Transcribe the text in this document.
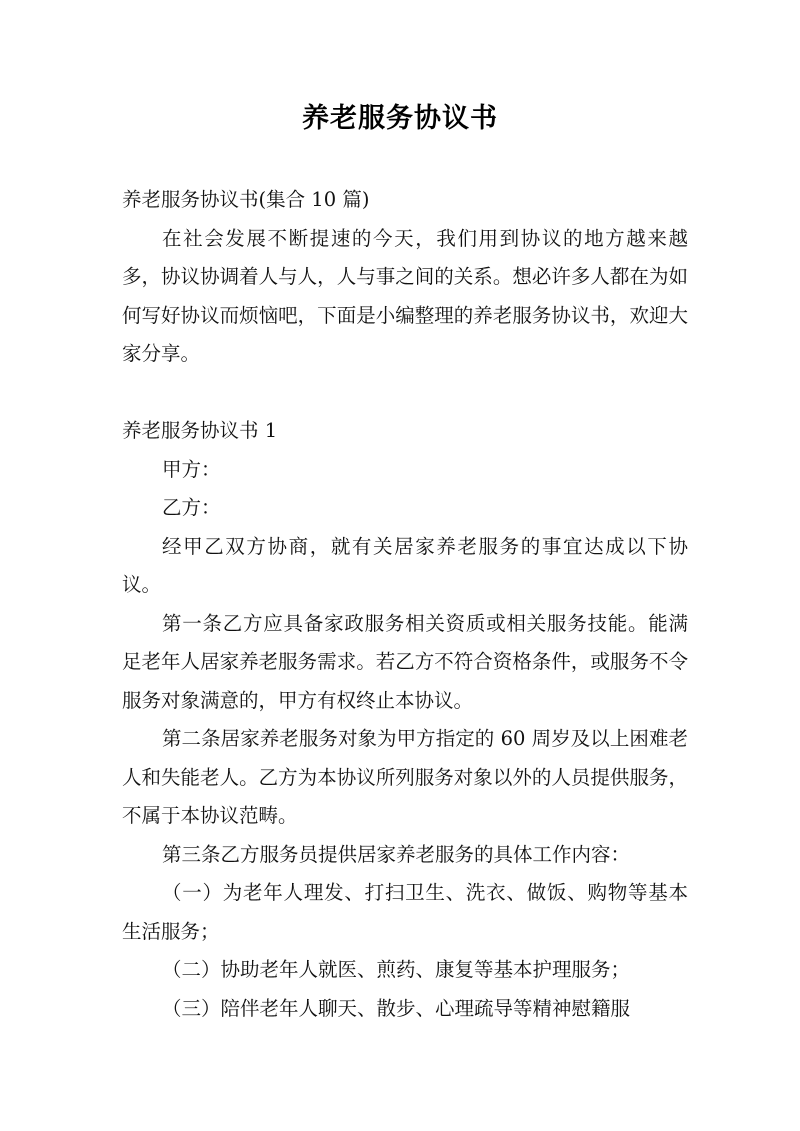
养老服务协议书

养老服务协议书(集合 10 篇)

在社会发展不断提速的今天，我们用到协议的地方越来越多，协议协调着人与人，人与事之间的关系。想必许多人都在为如何写好协议而烦恼吧，下面是小编整理的养老服务协议书，欢迎大家分享。

养老服务协议书 1

甲方：

乙方：

经甲乙双方协商，就有关居家养老服务的事宜达成以下协议。

第一条乙方应具备家政服务相关资质或相关服务技能。能满足老年人居家养老服务需求。若乙方不符合资格条件，或服务不令服务对象满意的，甲方有权终止本协议。

第二条居家养老服务对象为甲方指定的 60 周岁及以上困难老人和失能老人。乙方为本协议所列服务对象以外的人员提供服务，不属于本协议范畴。

第三条乙方服务员提供居家养老服务的具体工作内容：

（一）为老年人理发、打扫卫生、洗衣、做饭、购物等基本生活服务；

（二）协助老年人就医、煎药、康复等基本护理服务；

（三）陪伴老年人聊天、散步、心理疏导等精神慰籍服
